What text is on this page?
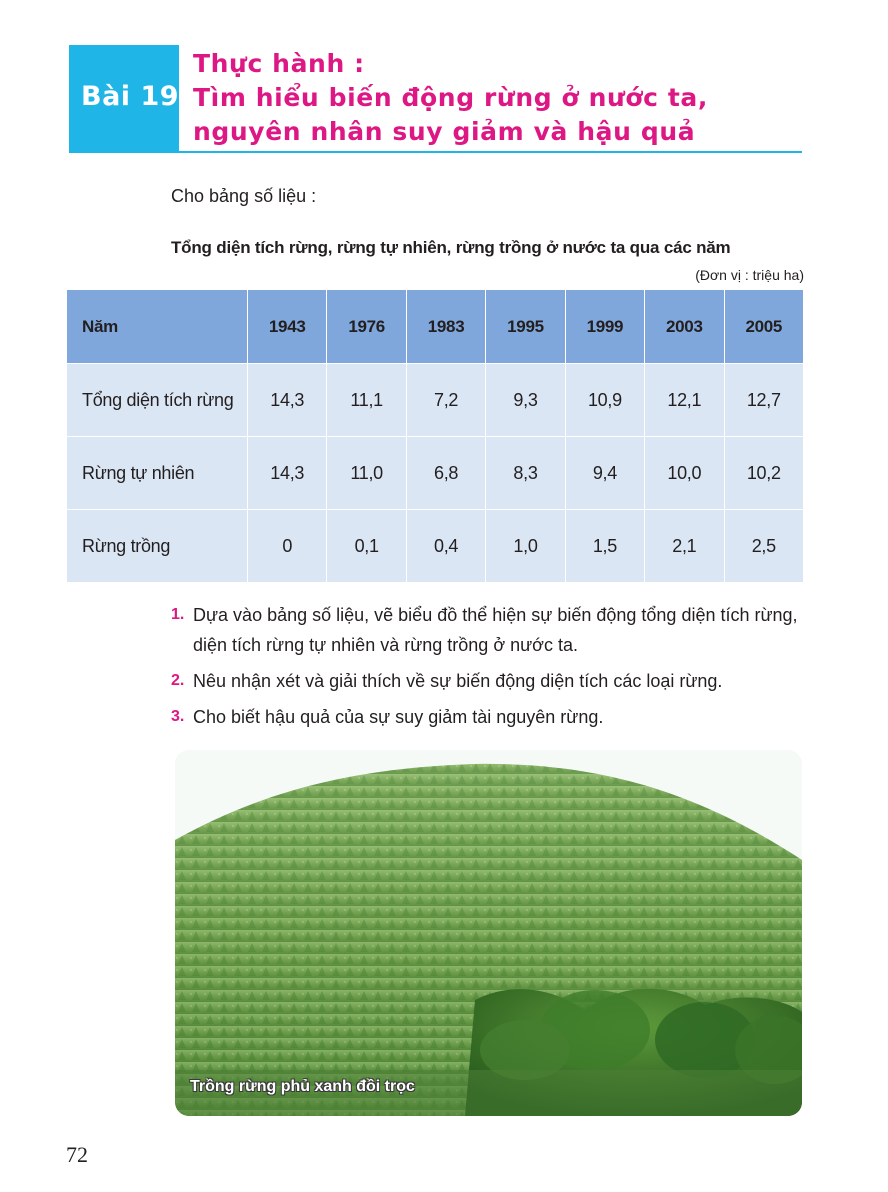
Bài 19
Thực hành :
Tìm hiểu biến động rừng ở nước ta,
nguyên nhân suy giảm và hậu quả
Cho bảng số liệu :
Tổng diện tích rừng, rừng tự nhiên, rừng trồng ở nước ta qua các năm
(Đơn vị : triệu ha)
Năm	1943	1976	1983	1995	1999	2003	2005
Tổng diện tích rừng	14,3	11,1	7,2	9,3	10,9	12,1	12,7
Rừng tự nhiên	14,3	11,0	6,8	8,3	9,4	10,0	10,2
Rừng trồng	0	0,1	0,4	1,0	1,5	2,1	2,5
1. Dựa vào bảng số liệu, vẽ biểu đồ thể hiện sự biến động tổng diện tích rừng, diện tích rừng tự nhiên và rừng trồng ở nước ta.
2. Nêu nhận xét và giải thích về sự biến động diện tích các loại rừng.
3. Cho biết hậu quả của sự suy giảm tài nguyên rừng.
Trồng rừng phủ xanh đồi trọc
72
